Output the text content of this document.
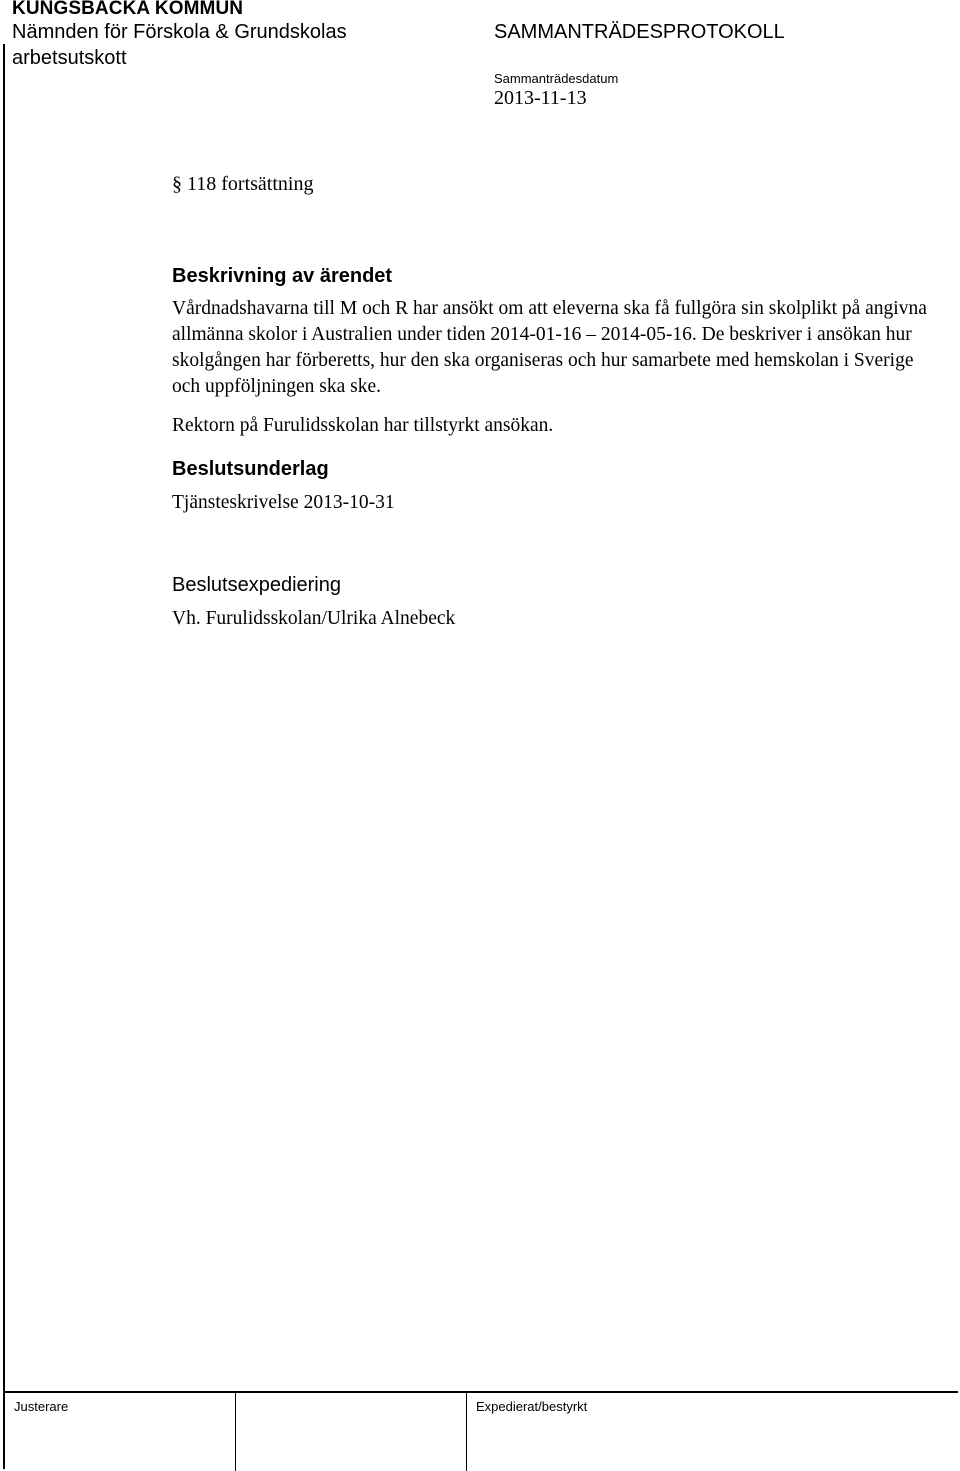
KUNGSBACKA KOMMUN
Nämnden för Förskola & Grundskolas
arbetsutskott
SAMMANTRÄDESPROTOKOLL
Sammanträdesdatum
2013-11-13
§ 118 fortsättning
Beskrivning av ärendet
Vårdnadshavarna till M och R har ansökt om att eleverna ska få fullgöra sin skolplikt på angivna allmänna skolor i Australien under tiden 2014-01-16 – 2014-05-16. De beskriver i ansökan hur skolgången har förberetts, hur den ska organiseras och hur samarbete med hemskolan i Sverige och uppföljningen ska ske.
Rektorn på Furulidsskolan har tillstyrkt ansökan.
Beslutsunderlag
Tjänsteskrivelse 2013-10-31
Beslutsexpediering
Vh. Furulidsskolan/Ulrika Alnebeck
Justerare	Expedierat/bestyrkt
